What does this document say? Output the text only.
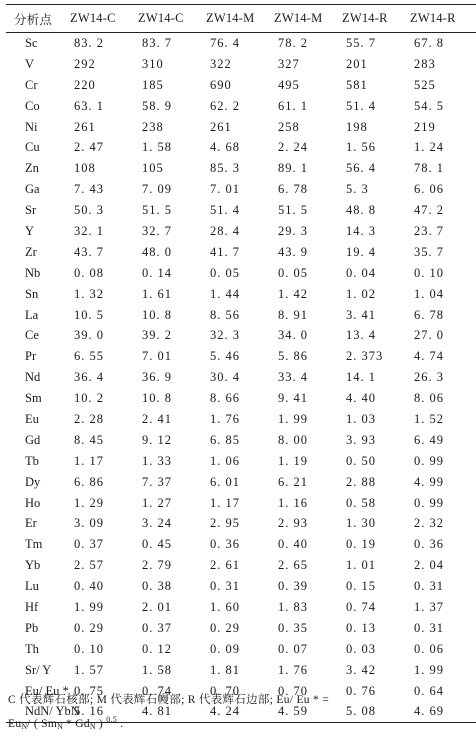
分析点	ZW14-C	ZW14-C	ZW14-M	ZW14-M	ZW14-R	ZW14-R
Sc	83. 2	83. 7	76. 4	78. 2	55. 7	67. 8
V	292	310	322	327	201	283
Cr	220	185	690	495	581	525
Co	63. 1	58. 9	62. 2	61. 1	51. 4	54. 5
Ni	261	238	261	258	198	219
Cu	2. 47	1. 58	4. 68	2. 24	1. 56	1. 24
Zn	108	105	85. 3	89. 1	56. 4	78. 1
Ga	7. 43	7. 09	7. 01	6. 78	5. 3	6. 06
Sr	50. 3	51. 5	51. 4	51. 5	48. 8	47. 2
Y	32. 1	32. 7	28. 4	29. 3	14. 3	23. 7
Zr	43. 7	48. 0	41. 7	43. 9	19. 4	35. 7
Nb	0. 08	0. 14	0. 05	0. 05	0. 04	0. 10
Sn	1. 32	1. 61	1. 44	1. 42	1. 02	1. 04
La	10. 5	10. 8	8. 56	8. 91	3. 41	6. 78
Ce	39. 0	39. 2	32. 3	34. 0	13. 4	27. 0
Pr	6. 55	7. 01	5. 46	5. 86	2. 373	4. 74
Nd	36. 4	36. 9	30. 4	33. 4	14. 1	26. 3
Sm	10. 2	10. 8	8. 66	9. 41	4. 40	8. 06
Eu	2. 28	2. 41	1. 76	1. 99	1. 03	1. 52
Gd	8. 45	9. 12	6. 85	8. 00	3. 93	6. 49
Tb	1. 17	1. 33	1. 06	1. 19	0. 50	0. 99
Dy	6. 86	7. 37	6. 01	6. 21	2. 88	4. 99
Ho	1. 29	1. 27	1. 17	1. 16	0. 58	0. 99
Er	3. 09	3. 24	2. 95	2. 93	1. 30	2. 32
Tm	0. 37	0. 45	0. 36	0. 40	0. 19	0. 36
Yb	2. 57	2. 79	2. 61	2. 65	1. 01	2. 04
Lu	0. 40	0. 38	0. 31	0. 39	0. 15	0. 31
Hf	1. 99	2. 01	1. 60	1. 83	0. 74	1. 37
Pb	0. 29	0. 37	0. 29	0. 35	0. 13	0. 31
Th	0. 10	0. 12	0. 09	0. 07	0. 03	0. 06
Sr/ Y	1. 57	1. 58	1. 81	1. 76	3. 42	1. 99
Eu/ Eu *	0. 75	0. 74	0. 70	0. 70	0. 76	0. 64
NdN/ YbN	5. 16	4. 81	4. 24	4. 59	5. 08	4. 69
C 代表辉石核部; M 代表辉石幔部; R 代表辉石边部; Eu/ Eu * =
$Eu_N/$ ( $Sm_N * Gd_N$ ) $^{0.5}$ .
